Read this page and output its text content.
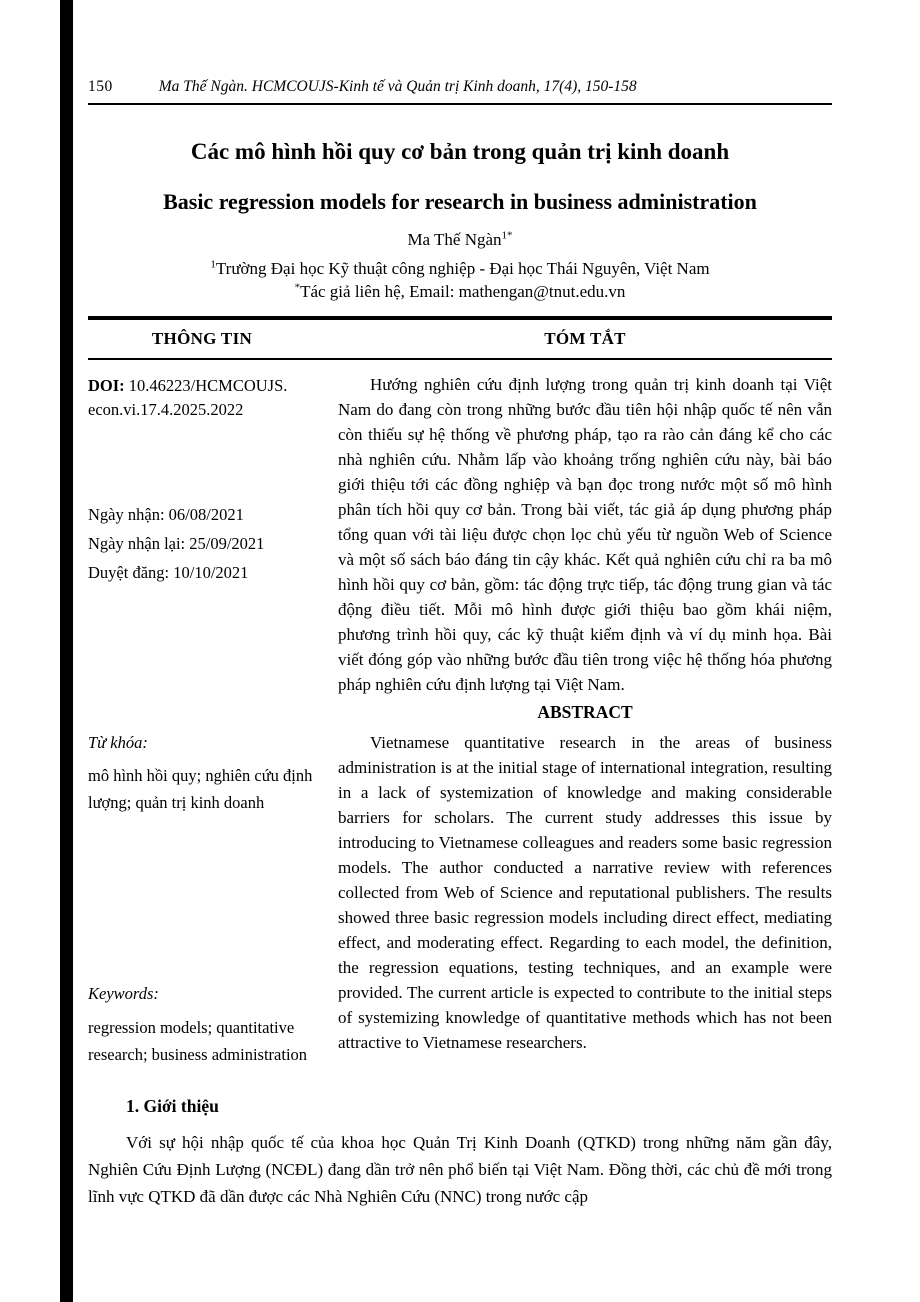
150	Ma Thế Ngàn. HCMCOUJS-Kinh tế và Quản trị Kinh doanh, 17(4), 150-158
Các mô hình hồi quy cơ bản trong quản trị kinh doanh
Basic regression models for research in business administration
Ma Thế Ngàn$^{1*}$
$^1$Trường Đại học Kỹ thuật công nghiệp - Đại học Thái Nguyên, Việt Nam
*Tác giả liên hệ, Email: mathengan@tnut.edu.vn
THÔNG TIN	TÓM TẮT

DOI: 10.46223/HCMCOUJS.
econ.vi.17.4.2025.2022

Ngày nhận: 06/08/2021

Ngày nhận lại: 25/09/2021

Duyệt đăng: 10/10/2021

Từ khóa:

mô hình hồi quy; nghiên cứu định lượng; quản trị kinh doanh

Keywords:

regression models; quantitative research; business administration

Hướng nghiên cứu định lượng trong quản trị kinh doanh tại Việt Nam do đang còn trong những bước đầu tiên hội nhập quốc tế nên vẫn còn thiếu sự hệ thống về phương pháp, tạo ra rào cản đáng kể cho các nhà nghiên cứu. Nhằm lấp vào khoảng trống nghiên cứu này, bài báo giới thiệu tới các đồng nghiệp và bạn đọc trong nước một số mô hình phân tích hồi quy cơ bản. Trong bài viết, tác giả áp dụng phương pháp tổng quan với tài liệu được chọn lọc chủ yếu từ nguồn Web of Science và một số sách báo đáng tin cậy khác. Kết quả nghiên cứu chỉ ra ba mô hình hồi quy cơ bản, gồm: tác động trực tiếp, tác động trung gian và tác động điều tiết. Mỗi mô hình được giới thiệu bao gồm khái niệm, phương trình hồi quy, các kỹ thuật kiểm định và ví dụ minh họa. Bài viết đóng góp vào những bước đầu tiên trong việc hệ thống hóa phương pháp nghiên cứu định lượng tại Việt Nam.

ABSTRACT

Vietnamese quantitative research in the areas of business administration is at the initial stage of international integration, resulting in a lack of systemization of knowledge and making considerable barriers for scholars. The current study addresses this issue by introducing to Vietnamese colleagues and readers some basic regression models. The author conducted a narrative review with references collected from Web of Science and reputational publishers. The results showed three basic regression models including direct effect, mediating effect, and moderating effect. Regarding to each model, the definition, the regression equations, testing techniques, and an example were provided. The current article is expected to contribute to the initial steps of systemizing knowledge of quantitative methods which has not been attractive to Vietnamese researchers.

1. Giới thiệu

Với sự hội nhập quốc tế của khoa học Quản Trị Kinh Doanh (QTKD) trong những năm gần đây, Nghiên Cứu Định Lượng (NCĐL) đang dần trở nên phổ biến tại Việt Nam. Đồng thời, các chủ đề mới trong lĩnh vực QTKD đã dần được các Nhà Nghiên Cứu (NNC) trong nước cập
